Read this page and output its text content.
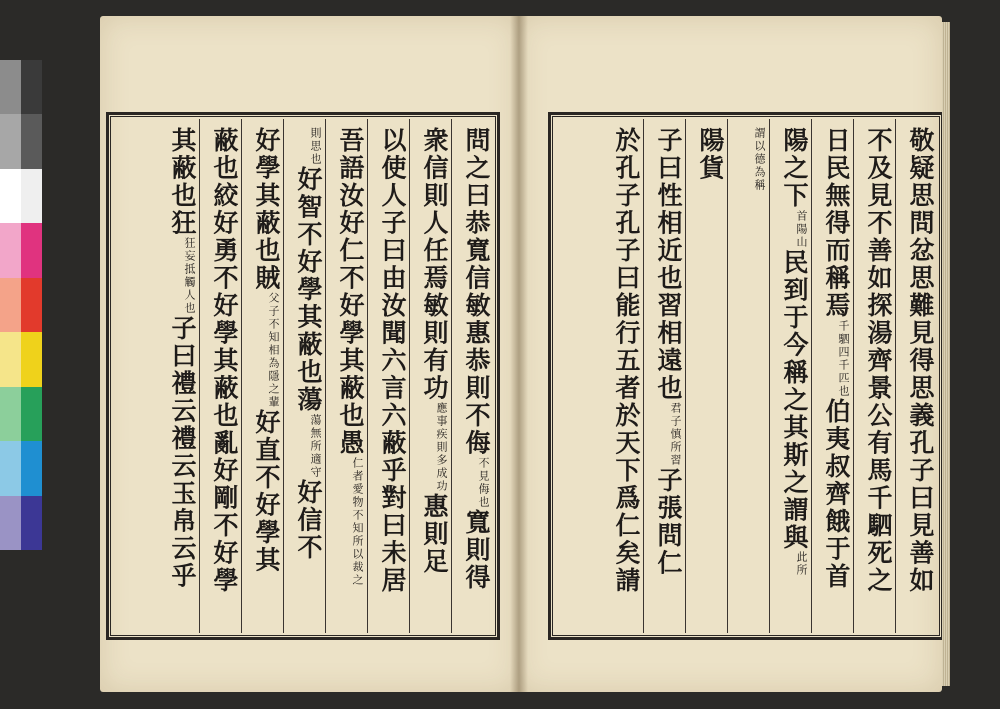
問之曰恭寬信敏惠恭則不侮
不見侮也
寬則得
衆信則人任焉敏則有功
應事疾則多成功
惠則足
以使人子曰由汝聞六言六蔽乎對曰未居
吾語汝好仁不好學其蔽也愚
仁者愛物不知所以裁之
則思也
好智不好學其蔽也蕩
蕩無所適守
好信不
好學其蔽也賊
父子不知相為隱之輩
好直不好學其
蔽也絞好勇不好學其蔽也亂好剛不好學
其蔽也狂
狂妄抵觸人也
子曰禮云禮云玉帛云乎	敬疑思問忿思難見得思義孔子曰見善如
不及見不善如探湯齊景公有馬千駟死之
日民無得而稱焉
千駟四千匹也
伯夷叔齊餓于首
陽之下
首陽山
民到于今稱之其斯之謂與
此所
謂以德為稱
陽貨
子曰性相近也習相遠也
君子慎所習
子張問仁
於孔子孔子曰能行五者於天下爲仁矣請
